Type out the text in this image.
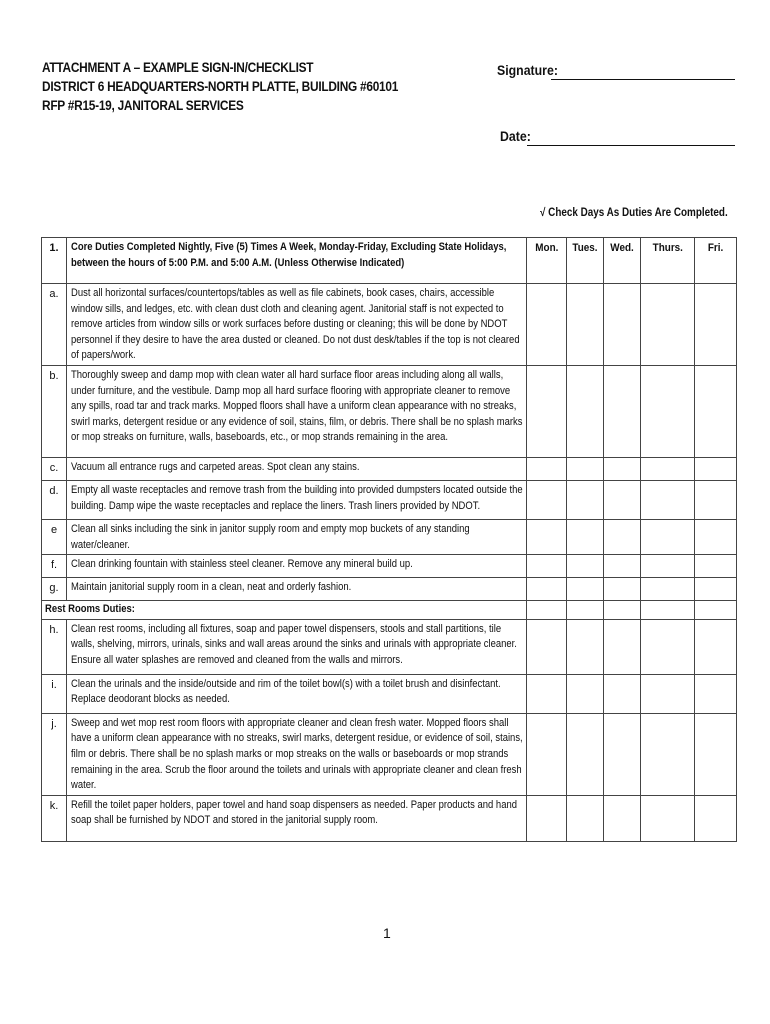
ATTACHMENT A – EXAMPLE SIGN-IN/CHECKLIST
DISTRICT 6 HEADQUARTERS-NORTH PLATTE, BUILDING #60101
RFP #R15-19, JANITORAL SERVICES
Signature:
Date:
√ Check Days As Duties Are Completed.
1.	Core Duties Completed Nightly, Five (5) Times A Week, Monday-Friday, Excluding State Holidays, between the hours of 5:00 P.M. and 5:00 A.M. (Unless Otherwise Indicated)	Mon.	Tues.	Wed.	Thurs.	Fri.
a.	Dust all horizontal surfaces/countertops/tables as well as file cabinets, book cases, chairs, accessible window sills, and ledges, etc. with clean dust cloth and cleaning agent. Janitorial staff is not expected to remove articles from window sills or work surfaces before dusting or cleaning; this will be done by NDOT personnel if they desire to have the area dusted or cleaned. Do not dust desk/tables if the top is not cleared of papers/work.					

b.	Thoroughly sweep and damp mop with clean water all hard surface floor areas including along all walls, under furniture, and the vestibule. Damp mop all hard surface flooring with appropriate cleaner to remove any spills, road tar and track marks. Mopped floors shall have a uniform clean appearance with no streaks, swirl marks, detergent residue or any evidence of soil, stains, film, or debris. There shall be no splash marks or mop streaks on furniture, walls, baseboards, etc., or mop strands remaining in the area.					

c.	Vacuum all entrance rugs and carpeted areas. Spot clean any stains.					

d.	Empty all waste receptacles and remove trash from the building into provided dumpsters located outside the building. Damp wipe the waste receptacles and replace the liners. Trash liners provided by NDOT.					

e	Clean all sinks including the sink in janitor supply room and empty mop buckets of any standing water/cleaner.					

f.	Clean drinking fountain with stainless steel cleaner. Remove any mineral build up.					

g.	Maintain janitorial supply room in a clean, neat and orderly fashion.					

Rest Rooms Duties:						

h.	Clean rest rooms, including all fixtures, soap and paper towel dispensers, stools and stall partitions, tile walls, shelving, mirrors, urinals, sinks and wall areas around the sinks and urinals with appropriate cleaner. Ensure all water splashes are removed and cleaned from the walls and mirrors.					

i.	Clean the urinals and the inside/outside and rim of the toilet bowl(s) with a toilet brush and disinfectant. Replace deodorant blocks as needed.					

j.	Sweep and wet mop rest room floors with appropriate cleaner and clean fresh water. Mopped floors shall have a uniform clean appearance with no streaks, swirl marks, detergent residue, or evidence of soil, stains, film or debris. There shall be no splash marks or mop streaks on the walls or baseboards or mop strands remaining in the area. Scrub the floor around the toilets and urinals with appropriate cleaner and clean fresh water.					

k.	Refill the toilet paper holders, paper towel and hand soap dispensers as needed. Paper products and hand soap shall be furnished by NDOT and stored in the janitorial supply room.					

1
